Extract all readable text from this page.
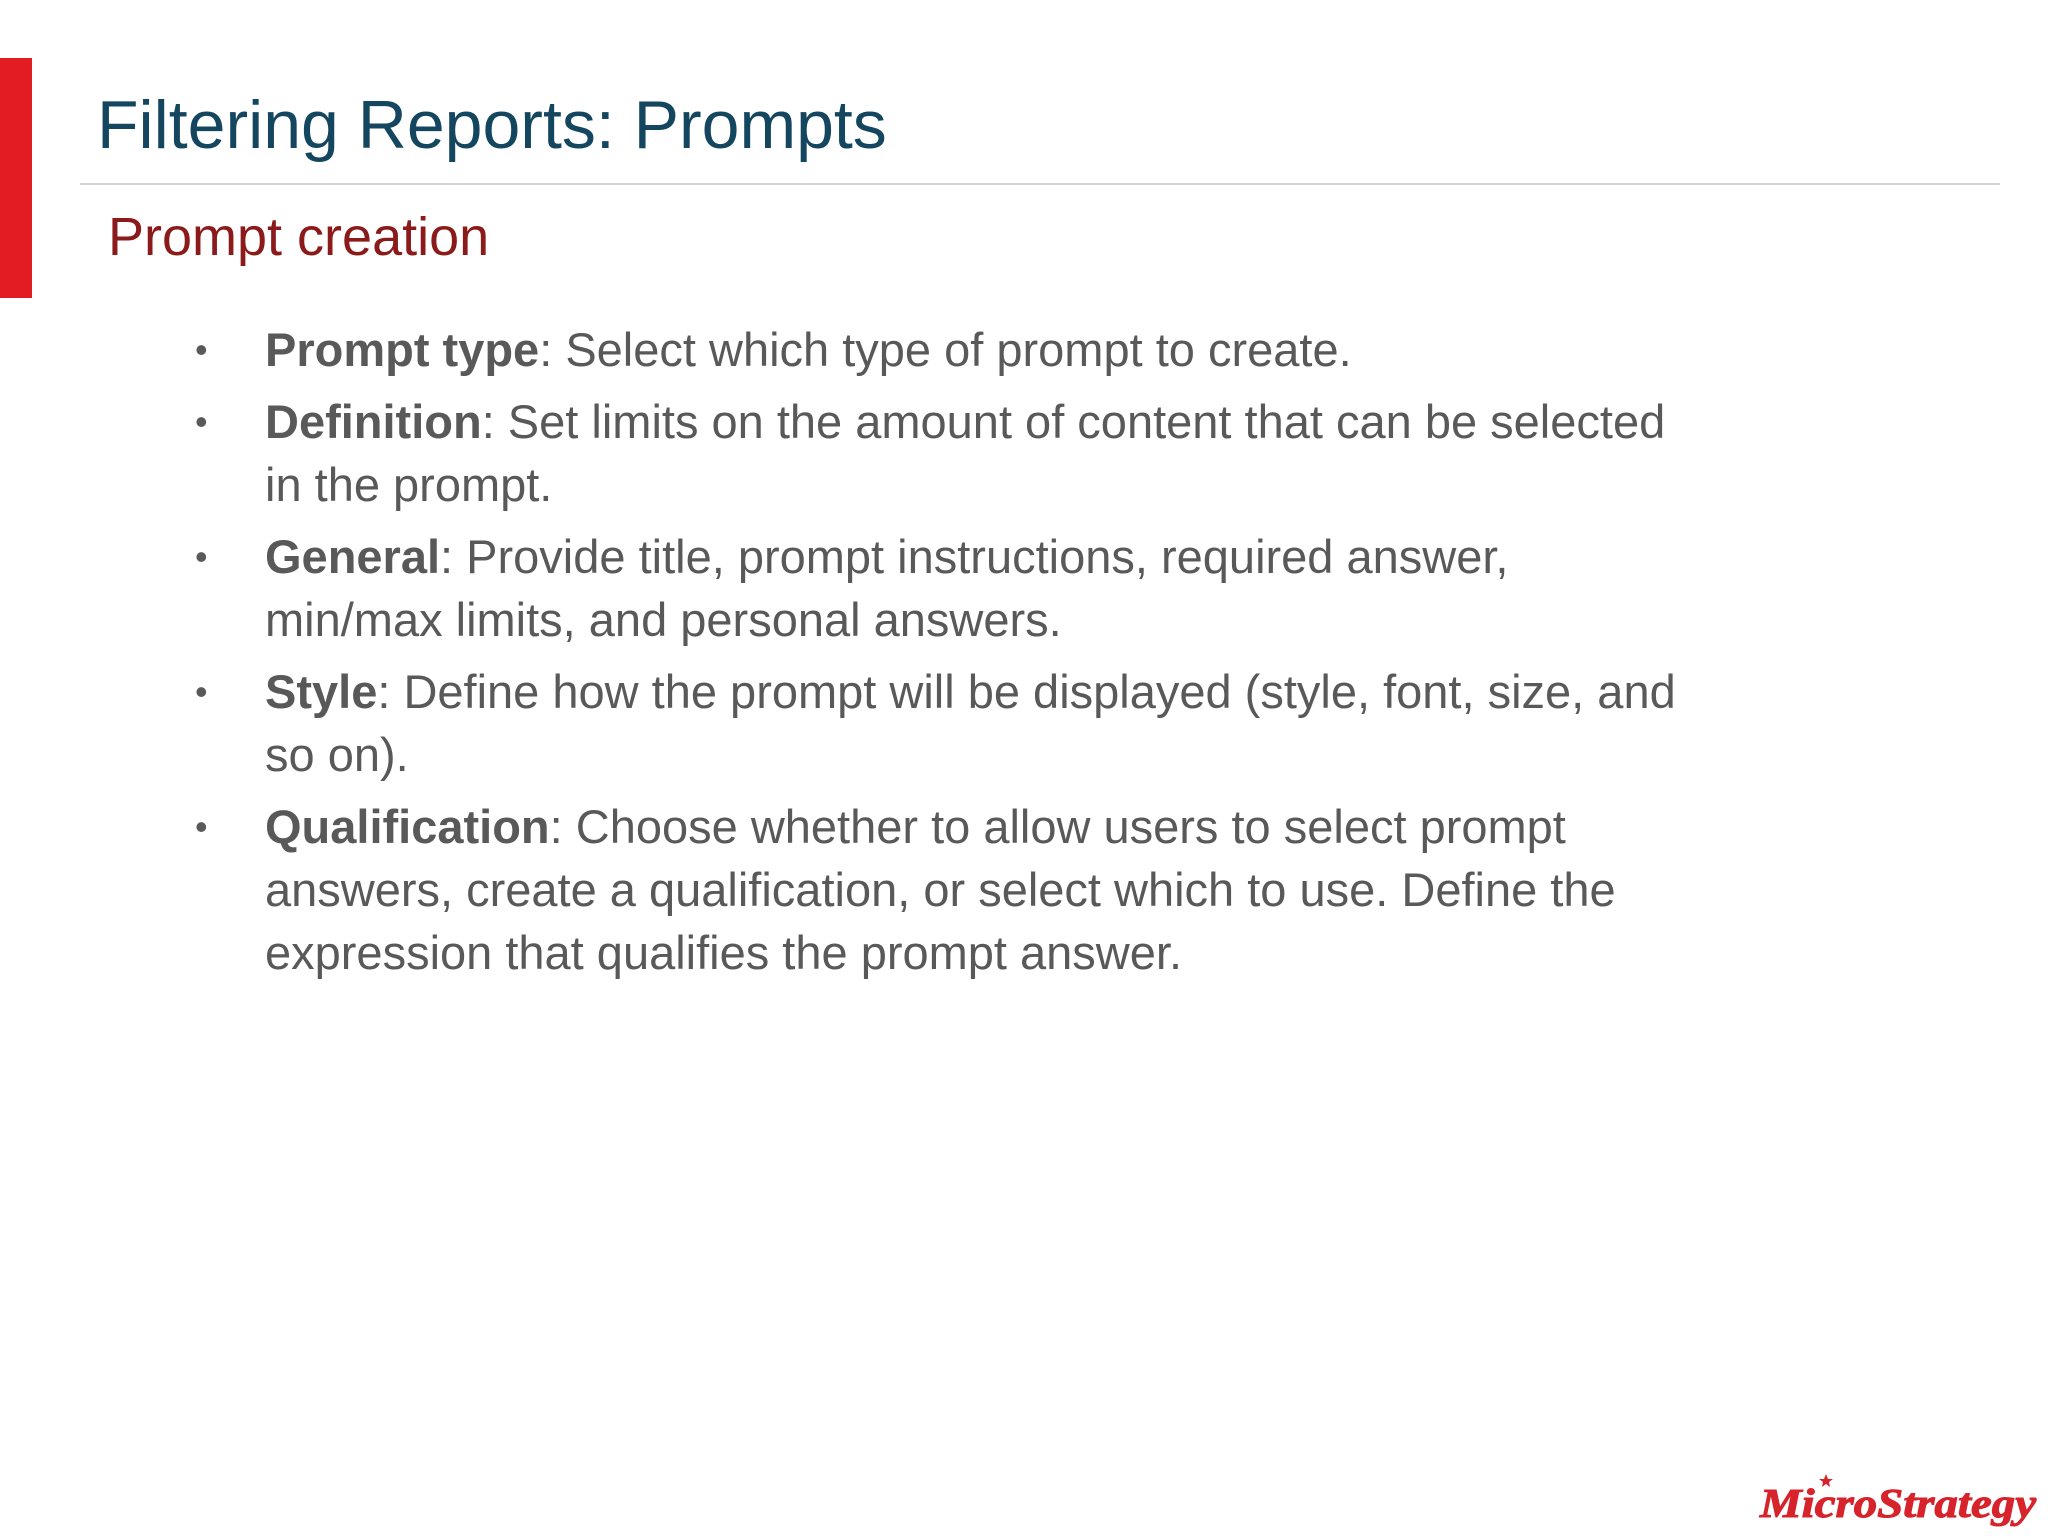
Filtering Reports: Prompts
Prompt creation
• Prompt type: Select which type of prompt to create.
• Definition: Set limits on the amount of content that can be selected in the prompt.
• General: Provide title, prompt instructions, required answer, min/max limits, and personal answers.
• Style: Define how the prompt will be displayed (style, font, size, and so on).
• Qualification: Choose whether to allow users to select prompt answers, create a qualification, or select which to use. Define the expression that qualifies the prompt answer.
MicroStrategy
